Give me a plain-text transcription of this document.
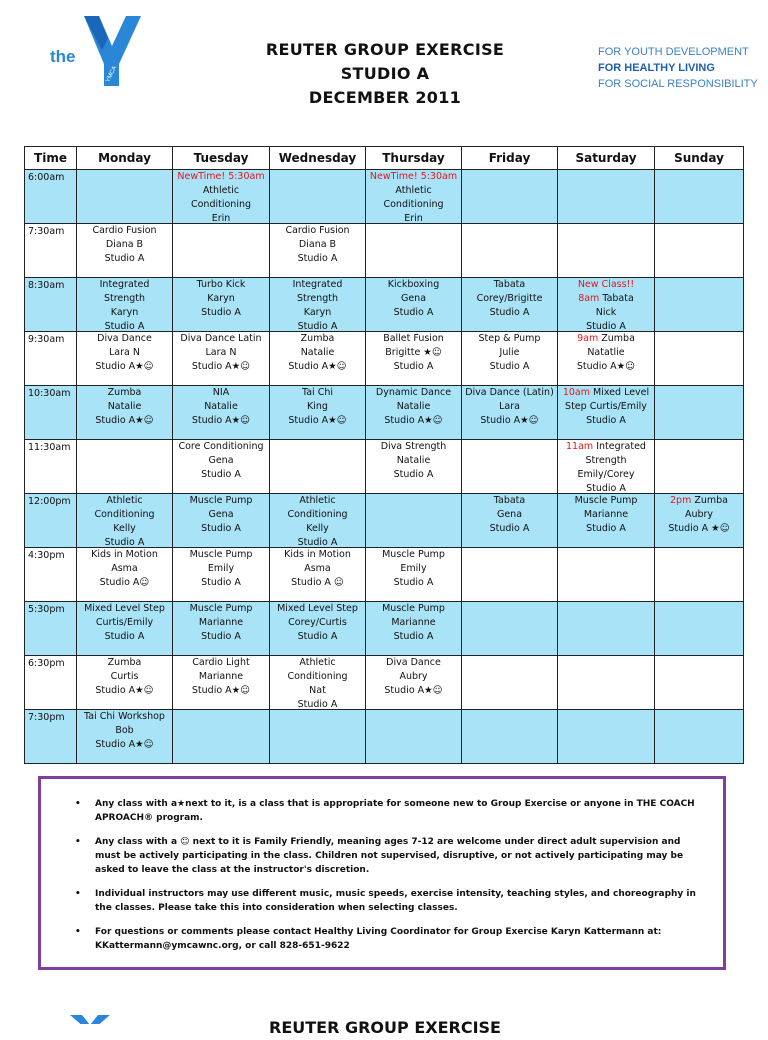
the
YMCA
REUTER GROUP EXERCISE
STUDIO A
DECEMBER 2011
FOR YOUTH DEVELOPMENT
FOR HEALTHY LIVING
FOR SOCIAL RESPONSIBILITY
Time	Monday	Tuesday	Wednesday	Thursday	Friday	Saturday	Sunday
6:00am		NewTime! 5:30am
Athletic
Conditioning
Erin		NewTime! 5:30am
Athletic
Conditioning
Erin			

7:30am	Cardio Fusion
Diana B
Studio A		Cardio Fusion
Diana B
Studio A				

8:30am	Integrated
Strength
Karyn
Studio A	Turbo Kick
Karyn
Studio A	Integrated
Strength
Karyn
Studio A	Kickboxing
Gena
Studio A	Tabata
Corey/Brigitte
Studio A	New Class!!
8am Tabata
Nick
Studio A	

9:30am	Diva Dance
Lara N
Studio A★☺	Diva Dance Latin
Lara N
Studio A★☺	Zumba
Natalie
Studio A★☺	Ballet Fusion
Brigitte ★☺
Studio A	Step & Pump
Julie
Studio A	9am Zumba
Natatlie
Studio A★☺	

10:30am	Zumba
Natalie
Studio A★☺	NIA
Natalie
Studio A★☺	Tai Chi
King
Studio A★☺	Dynamic Dance
Natalie
Studio A★☺	Diva Dance (Latin)
Lara
Studio A★☺	10am Mixed Level
Step Curtis/Emily
Studio A	

11:30am		Core Conditioning
Gena
Studio A		Diva Strength
Natalie
Studio A		11am Integrated
Strength
Emily/Corey
Studio A	

12:00pm	Athletic
Conditioning
Kelly
Studio A	Muscle Pump
Gena
Studio A	Athletic
Conditioning
Kelly
Studio A		Tabata
Gena
Studio A	Muscle Pump
Marianne
Studio A	2pm Zumba
Aubry
Studio A ★☺

4:30pm	Kids in Motion
Asma
Studio A☺	Muscle Pump
Emily
Studio A	Kids in Motion
Asma
Studio A ☺	Muscle Pump
Emily
Studio A			

5:30pm	Mixed Level Step
Curtis/Emily
Studio A	Muscle Pump
Marianne
Studio A	Mixed Level Step
Corey/Curtis
Studio A	Muscle Pump
Marianne
Studio A			

6:30pm	Zumba
Curtis
Studio A★☺	Cardio Light
Marianne
Studio A★☺	Athletic
Conditioning
Nat
Studio A	Diva Dance
Aubry
Studio A★☺			

7:30pm	Tai Chi Workshop
Bob
Studio A★☺						

• Any class with a★next to it, is a class that is appropriate for someone new to Group Exercise or anyone in THE COACH APROACH® program.
• Any class with a ☺ next to it is Family Friendly, meaning ages 7-12 are welcome under direct adult supervision and must be actively participating in the class. Children not supervised, disruptive, or not actively participating may be asked to leave the class at the instructor's discretion.
• Individual instructors may use different music, music speeds, exercise intensity, teaching styles, and choreography in the classes. Please take this into consideration when selecting classes.
• For questions or comments please contact Healthy Living Coordinator for Group Exercise Karyn Kattermann at: KKattermann@ymcawnc.org, or call 828-651-9622
REUTER GROUP EXERCISE
